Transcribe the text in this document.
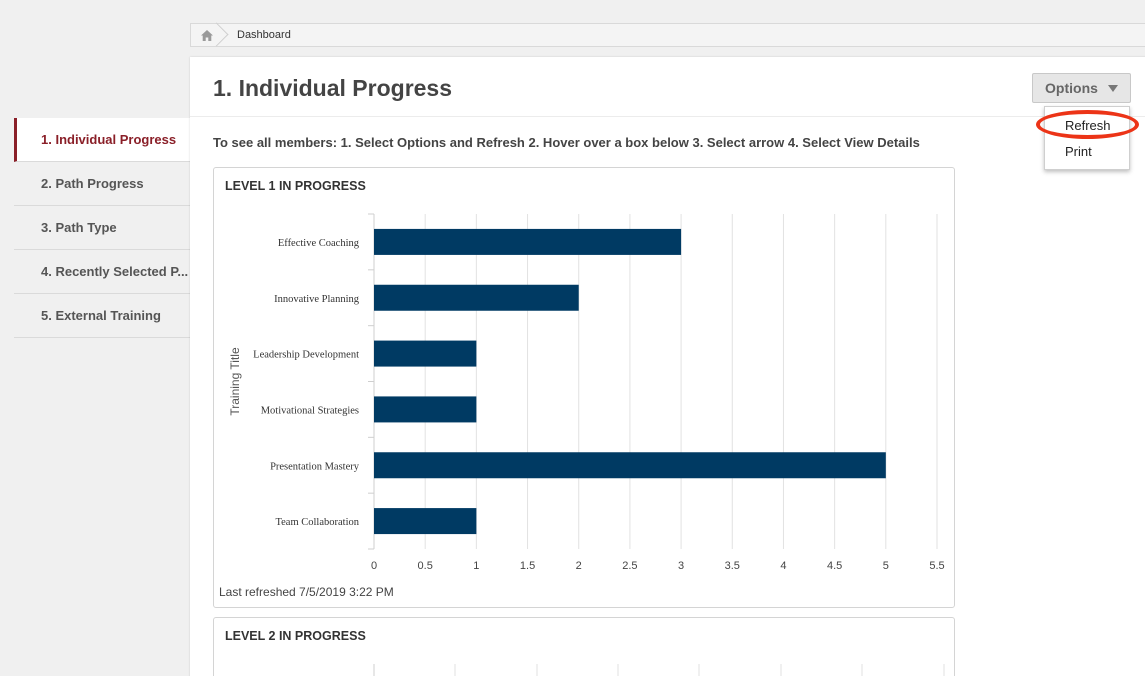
Dashboard
1. Individual Progress
2. Path Progress
3. Path Type
4. Recently Selected P...
5. External Training
1. Individual Progress
To see all members: 1. Select Options and Refresh 2. Hover over a box below 3. Select arrow 4. Select View Details
Options
Refresh
Print
LEVEL 1 IN PROGRESS
0	0.5	1	1.5	2	2.5	3	3.5	4	4.5	5	5.5
Effective Coaching
Innovative Planning
Leadership Development
Motivational Strategies
Presentation Mastery
Team Collaboration
Training Title
Last refreshed 7/5/2019 3:22 PM
LEVEL 2 IN PROGRESS
